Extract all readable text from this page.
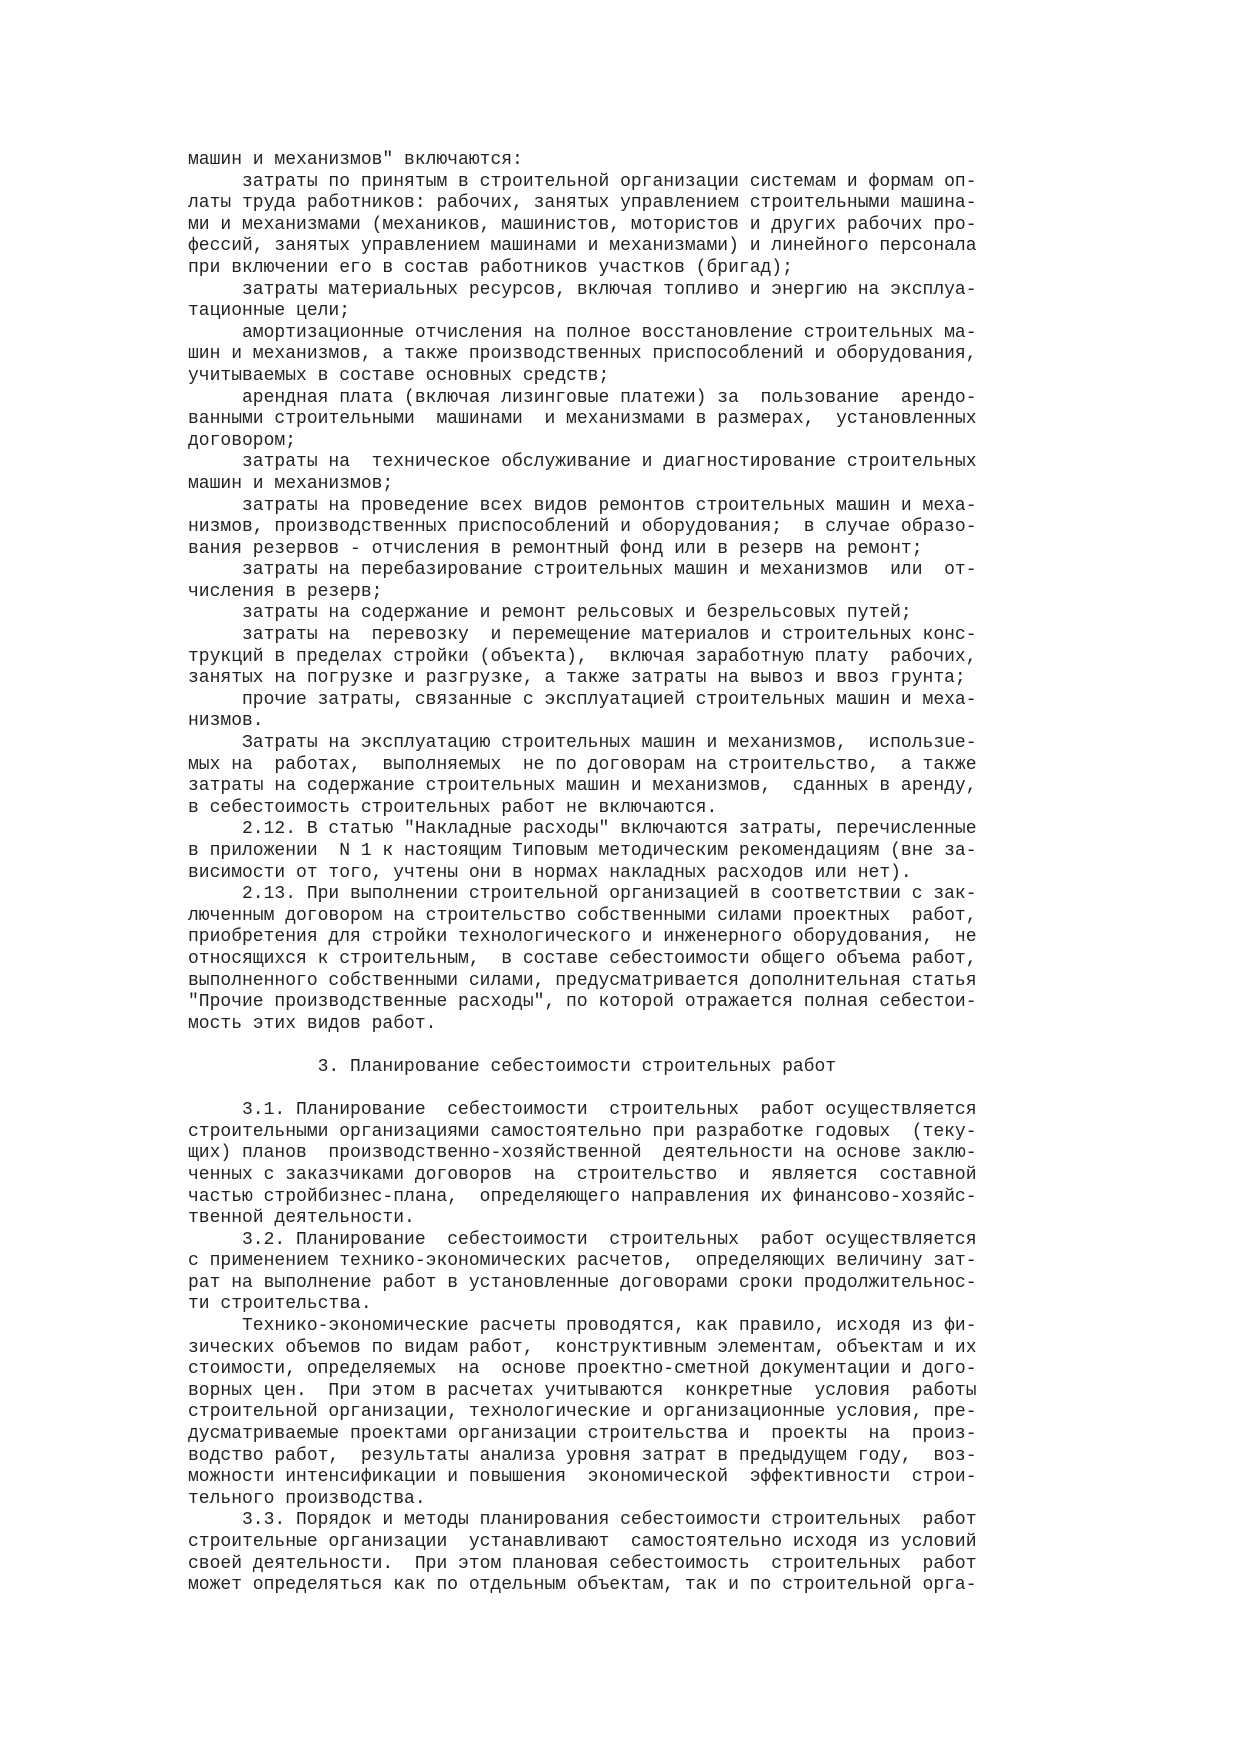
машин и механизмов" включаются:
затраты по принятым в строительной организации системам и формам оп-
латы труда работников: рабочих, занятых управлением строительными машина-
ми и механизмами (механиков, машинистов, мотористов и других рабочих про-
фессий, занятых управлением машинами и механизмами) и линейного персонала
при включении его в состав работников участков (бригад);
затраты материальных ресурсов, включая топливо и энергию на эксплуа-
тационные цели;
амортизационные отчисления на полное восстановление строительных ма-
шин и механизмов, а также производственных приспособлений и оборудования,
учитываемых в составе основных средств;
арендная плата (включая лизинговые платежи) за  пользование  арендо-
ванными строительными  машинами  и механизмами в размерах,  установленных
договором;
затраты на  техническое обслуживание и диагностирование строительных
машин и механизмов;
затраты на проведение всех видов ремонтов строительных машин и меха-
низмов, производственных приспособлений и оборудования;  в случае образо-
вания резервов - отчисления в ремонтный фонд или в резерв на ремонт;
затраты на перебазирование строительных машин и механизмов  или  от-
числения в резерв;
затраты на содержание и ремонт рельсовых и безрельсовых путей;
затраты на  перевозку  и перемещение материалов и строительных конс-
трукций в пределах стройки (объекта),  включая заработную плату  рабочих,
занятых на погрузке и разгрузке, а также затраты на вывоз и ввоз грунта;
прочие затраты, связанные с эксплуатацией строительных машин и меха-
низмов.
Затраты на эксплуатацию строительных машин и механизмов,  использue-
мых на  работах,  выполняемых  не по договорам на строительство,  а также
затраты на содержание строительных машин и механизмов,  сданных в аренду,
в себестоимость строительных работ не включаются.
2.12. В статью "Накладные расходы" включаются затраты, перечисленные
в приложении  N 1 к настоящим Типовым методическим рекомендациям (вне за-
висимости от того, учтены они в нормах накладных расходов или нет).
2.13. При выполнении строительной организацией в соответствии с зак-
люченным договором на строительство собственными силами проектных  работ,
приобретения для стройки технологического и инженерного оборудования,  не
относящихся к строительным,  в составе себестоимости общего объема работ,
выполненного собственными силами, предусматривается дополнительная статья
"Прочие производственные расходы", по которой отражается полная себестои-
мость этих видов работ.
3. Планирование себестоимости строительных работ
3.1. Планирование  себестоимости  строительных  работ осуществляется
строительными организациями самостоятельно при разработке годовых  (теку-
щих) планов  производственно-хозяйственной  деятельности на основе заклю-
ченных с заказчиками договоров  на  строительство  и  является  составной
частью стройбизнес-плана,  определяющего направления их финансово-хозяйс-
твенной деятельности.
3.2. Планирование  себестоимости  строительных  работ осуществляется
с применением технико-экономических расчетов,  определяющих величину зат-
рат на выполнение работ в установленные договорами сроки продолжительнос-
ти строительства.
Технико-экономические расчеты проводятся, как правило, исходя из фи-
зических объемов по видам работ,  конструктивным элементам, объектам и их
стоимости, определяемых  на  основе проектно-сметной документации и дого-
ворных цен.  При этом в расчетах учитываются  конкретные  условия  работы
строительной организации, технологические и организационные условия, пре-
дусматриваемые проектами организации строительства и  проекты  на  произ-
водство работ,  результаты анализа уровня затрат в предыдущем году,  воз-
можности интенсификации и повышения  экономической  эффективности  строи-
тельного производства.
3.3. Порядок и методы планирования себестоимости строительных  работ
строительные организации  устанавливают  самостоятельно исходя из условий
своей деятельности.  При этом плановая себестоимость  строительных  работ
может определяться как по отдельным объектам, так и по строительной орга-
